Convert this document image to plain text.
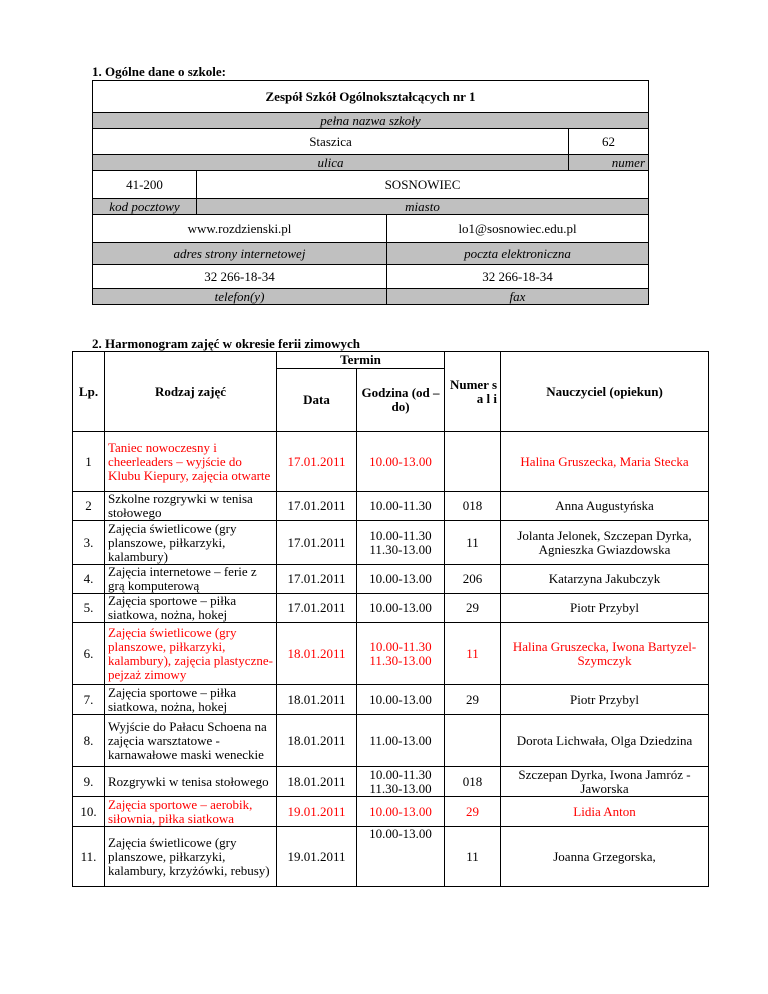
1. Ogólne dane o szkole:
Zespół Szkół Ogólnokształcących nr 1			
pełna nazwa szkoły			
Staszica			62
ulica			numer
41-200	SOSNOWIEC		
kod pocztowy	miasto		
www.rozdzienski.pl		lo1@sosnowiec.edu.pl	
adres strony internetowej		poczta elektroniczna	
32 266-18-34		32 266-18-34	
telefon(y)		fax	
2. Harmonogram zajęć w okresie ferii zimowych
Lp.	Rodzaj zajęć	Termin		Numer s a l i	Nauczyciel (opiekun)
		Data	Godzina (od – do)		
1	Taniec nowoczesny i cheerleaders – wyjście do Klubu Kiepury, zajęcia otwarte	17.01.2011	10.00-13.00		Halina Gruszecka, Maria Stecka
2	Szkolne rozgrywki w tenisa stołowego	17.01.2011	10.00-11.30	018	Anna Augustyńska
3.	Zajęcia świetlicowe (gry planszowe, piłkarzyki, kalambury)	17.01.2011	10.00-11.30 11.30-13.00	11	Jolanta Jelonek, Szczepan Dyrka, Agnieszka Gwiazdowska
4.	Zajęcia internetowe – ferie z grą komputerową	17.01.2011	10.00-13.00	206	Katarzyna Jakubczyk
5.	Zajęcia sportowe – piłka siatkowa, nożna, hokej	17.01.2011	10.00-13.00	29	Piotr Przybyl
6.	Zajęcia świetlicowe (gry planszowe, piłkarzyki, kalambury), zajęcia plastyczne- pejzaż zimowy	18.01.2011	10.00-11.30 11.30-13.00	11	Halina Gruszecka, Iwona Bartyzel-Szymczyk
7.	Zajęcia sportowe – piłka siatkowa, nożna, hokej	18.01.2011	10.00-13.00	29	Piotr Przybyl
8.	Wyjście do Pałacu Schoena na zajęcia warsztatowe - karnawałowe maski weneckie	18.01.2011	11.00-13.00		Dorota Lichwała, Olga Dziedzina
9.	Rozgrywki w tenisa stołowego	18.01.2011	10.00-11.30 11.30-13.00	018	Szczepan Dyrka, Iwona Jamróz - Jaworska
10.	Zajęcia sportowe – aerobik, siłownia, piłka siatkowa	19.01.2011	10.00-13.00	29	Lidia Anton
11.	Zajęcia świetlicowe (gry planszowe, piłkarzyki, kalambury, krzyżówki, rebusy)	19.01.2011	10.00-13.00	11	Joanna Grzegorska,
